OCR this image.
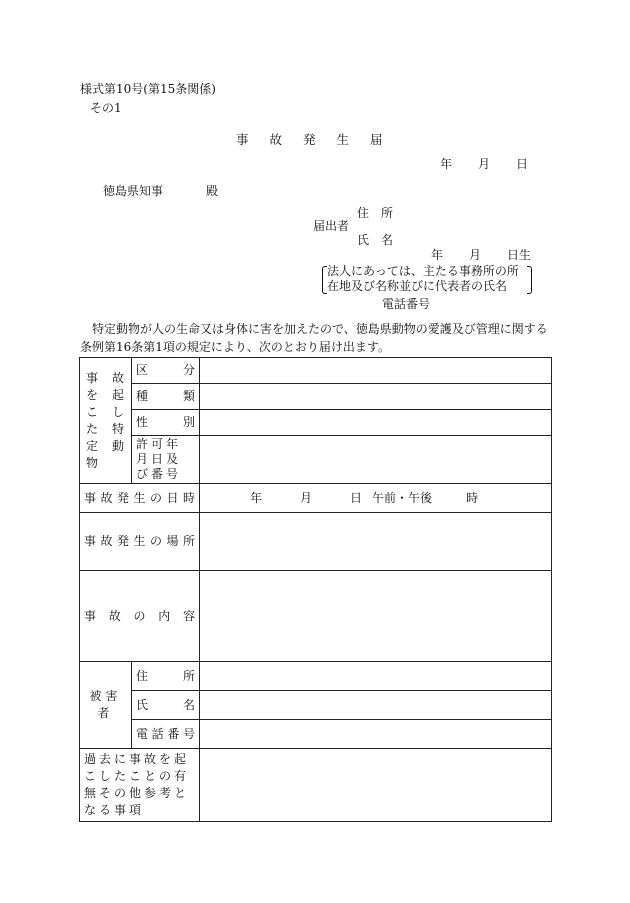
様式第10号(第15条関係)
その1
事故発生届
年 月 日
徳島県知事	殿
住　所
届出者
氏　名
年 月 日生
法人にあっては、主たる事務所の所
在地及び名称並びに代表者の氏名
電話番号
特定動物が人の生命又は身体に害を加えたので、徳島県動物の愛護及び管理に関する条例第16条第1項の規定により、次のとおり届け出ます。
事故を起こした特定動物	区　分	
	種　類	
	性　別	
	許可年月日及び番号	
事故発生の日時		年 月 日 午前・午後 時
事故発生の場所		
事故の内容		
被害者	住　所	
	氏　名	
	電話番号	
過去に事故を起こしたことの有無その他参考となる事項		
